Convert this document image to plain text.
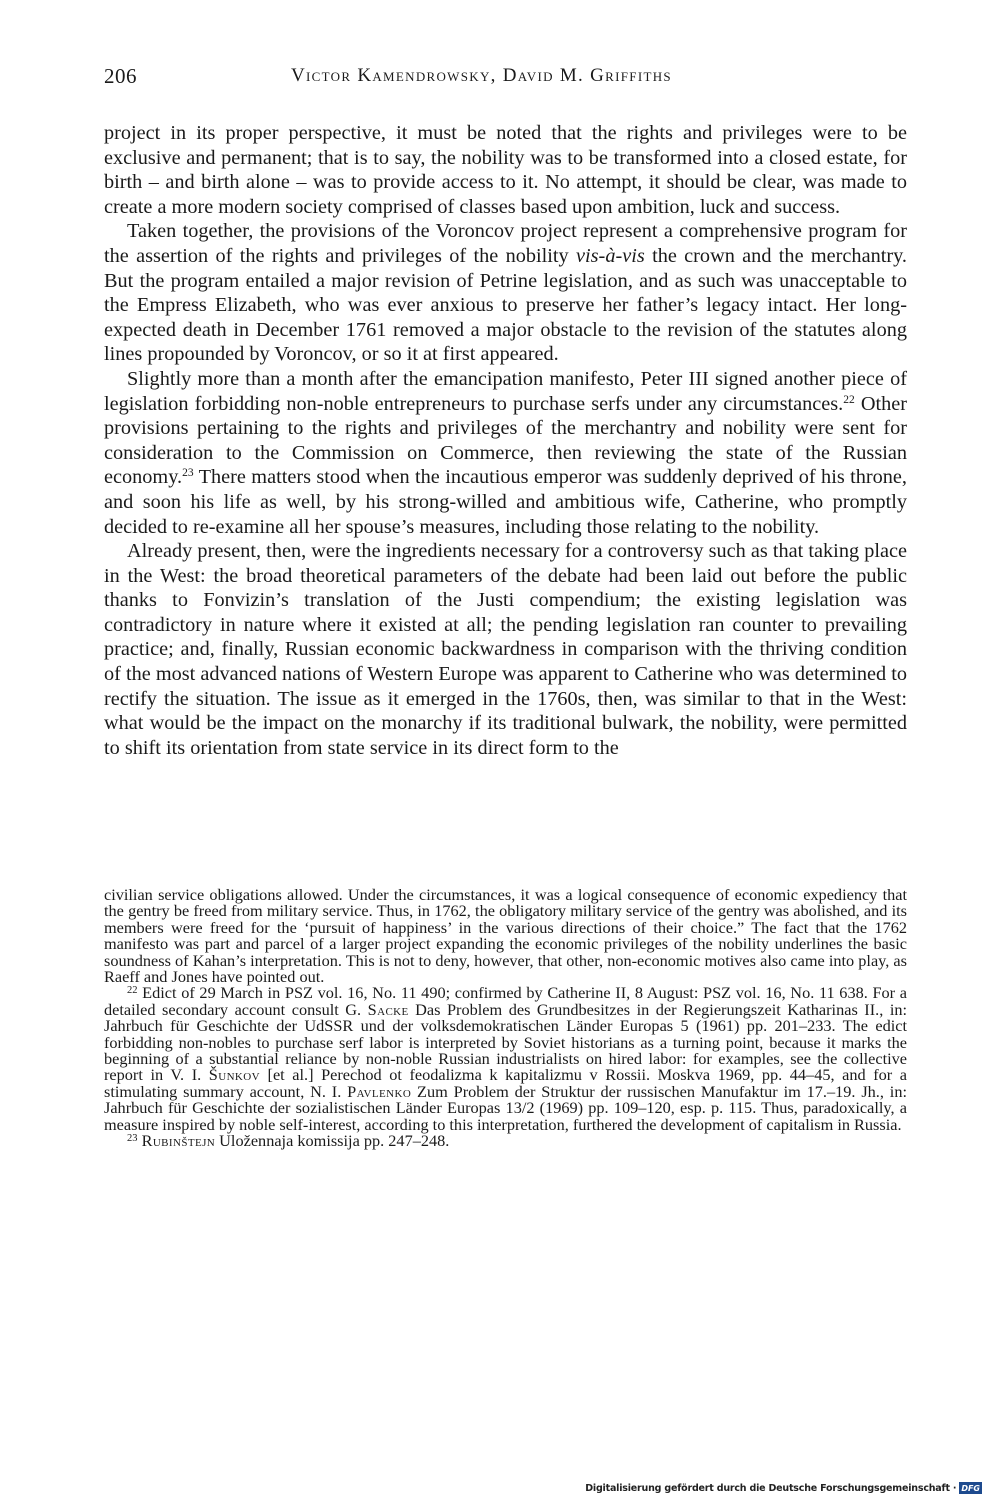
206	Victor Kamendrowsky, David M. Griffiths

project in its proper perspective, it must be noted that the rights and privileges were to be exclusive and permanent; that is to say, the nobility was to be transformed into a closed estate, for birth – and birth alone – was to provide access to it. No attempt, it should be clear, was made to create a more modern society comprised of classes based upon ambition, luck and success.

Taken together, the provisions of the Voroncov project represent a comprehensive program for the assertion of the rights and privileges of the nobility vis-à-vis the crown and the merchantry. But the program entailed a major revision of Petrine legislation, and as such was unacceptable to the Empress Elizabeth, who was ever anxious to preserve her father’s legacy intact. Her long-expected death in December 1761 removed a major obstacle to the revision of the statutes along lines propounded by Voroncov, or so it at first appeared.

Slightly more than a month after the emancipation manifesto, Peter III signed another piece of legislation forbidding non-noble entrepreneurs to purchase serfs under any circumstances.$^{22}$ Other provisions pertaining to the rights and privileges of the merchantry and nobility were sent for consideration to the Commission on Commerce, then reviewing the state of the Russian economy.$^{23}$ There matters stood when the incautious emperor was suddenly deprived of his throne, and soon his life as well, by his strong-willed and ambitious wife, Catherine, who promptly decided to re-examine all her spouse’s measures, including those relating to the nobility.

Already present, then, were the ingredients necessary for a controversy such as that taking place in the West: the broad theoretical parameters of the debate had been laid out before the public thanks to Fonvizin’s translation of the Justi compendium; the existing legislation was contradictory in nature where it existed at all; the pending legislation ran counter to prevailing practice; and, finally, Russian economic backwardness in comparison with the thriving condition of the most advanced nations of Western Europe was apparent to Catherine who was determined to rectify the situation. The issue as it emerged in the 1760s, then, was similar to that in the West: what would be the impact on the monarchy if its traditional bulwark, the nobility, were permitted to shift its orientation from state service in its direct form to the

civilian service obligations allowed. Under the circumstances, it was a logical consequence of economic expediency that the gentry be freed from military service. Thus, in 1762, the obligatory military service of the gentry was abolished, and its members were freed for the ‘pursuit of happiness’ in the various directions of their choice.” The fact that the 1762 manifesto was part and parcel of a larger project expanding the economic privileges of the nobility underlines the basic soundness of Kahan’s interpretation. This is not to deny, however, that other, non-economic motives also came into play, as Raeff and Jones have pointed out.

$^{22}$ Edict of 29 March in PSZ vol. 16, No. 11 490; confirmed by Catherine II, 8 August: PSZ vol. 16, No. 11 638. For a detailed secondary account consult G. Sacke Das Problem des Grundbesitzes in der Regierungszeit Katharinas II., in: Jahrbuch für Geschichte der UdSSR und der volksdemokratischen Länder Europas 5 (1961) pp. 201–233. The edict forbidding non-nobles to purchase serf labor is interpreted by Soviet historians as a turning point, because it marks the beginning of a substantial reliance by non-noble Russian industrialists on hired labor: for examples, see the collective report in V. I. Šunkov [et al.] Perechod ot feodalizma k kapitalizmu v Rossii. Moskva 1969, pp. 44–45, and for a stimulating summary account, N. I. Pavlenko Zum Problem der Struktur der russischen Manufaktur im 17.–19. Jh., in: Jahrbuch für Geschichte der sozialistischen Länder Europas 13/2 (1969) pp. 109–120, esp. p. 115. Thus, paradoxically, a measure inspired by noble self-interest, according to this interpretation, furthered the development of capitalism in Russia.

$^{23}$ Rubinštejn Uložennaja komissija pp. 247–248.

Digitalisierung gefördert durch die Deutsche Forschungsgemeinschaft · DFG
